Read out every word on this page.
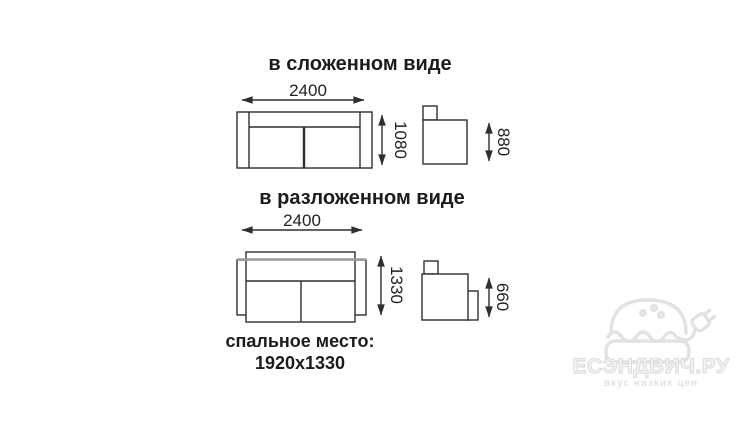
в сложенном виде
2400
1080	880
в разложенном виде
2400
1330	660
спальное место:
1920x1330	ЕСЭНДВИЧ.РУ
вкус низких цен
